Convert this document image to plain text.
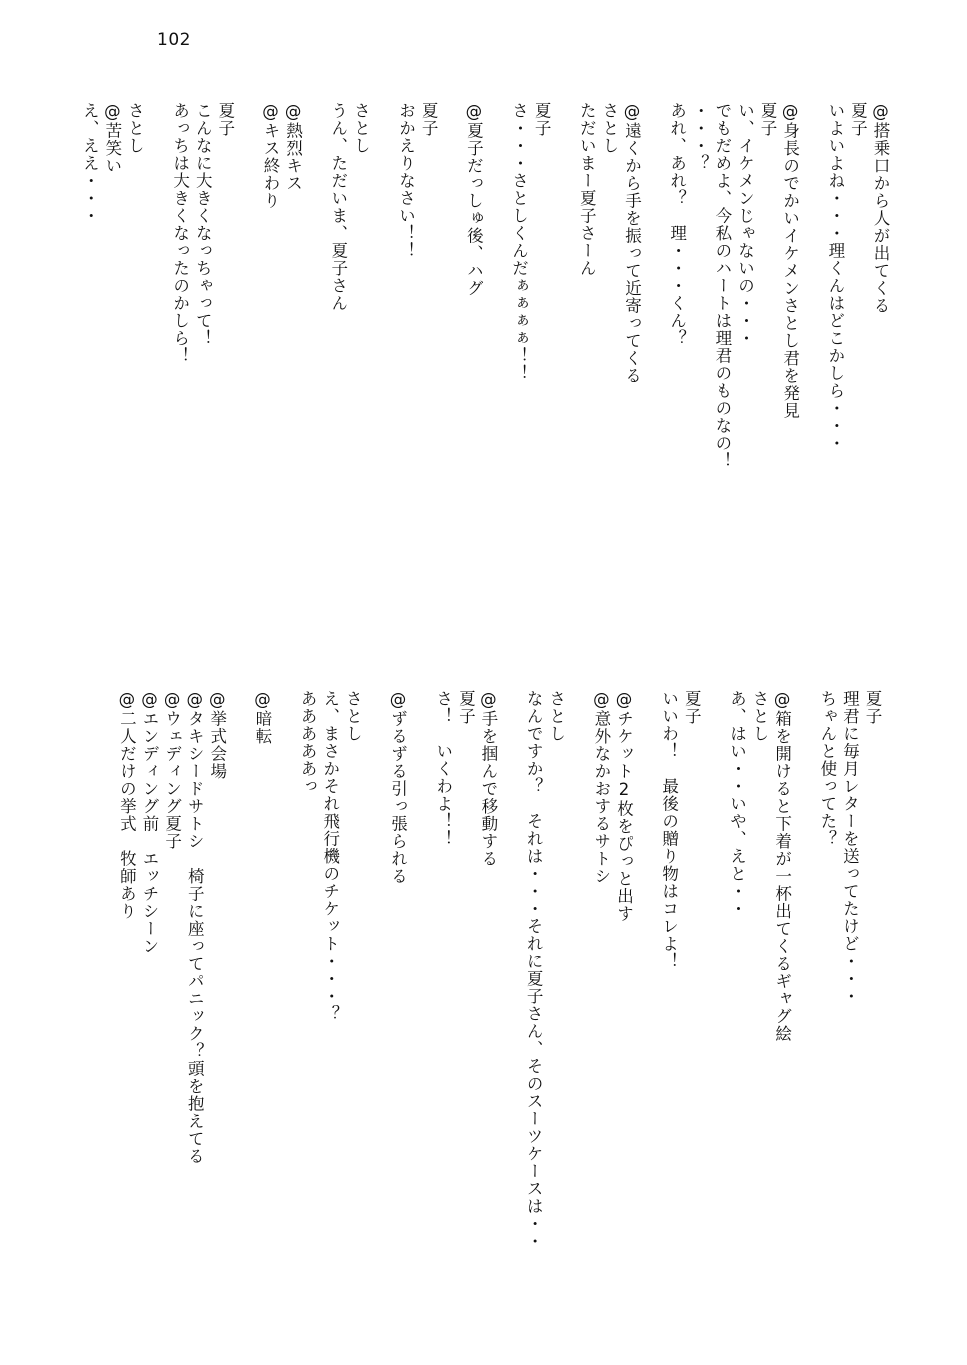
102
@搭乗口から人が出てくる
夏子
いよいよね・・・理くんはどこかしら・・・
@身長のでかいイケメンさとし君を発見
夏子
い、イケメンじゃないの・・・
でもだめよ、今私のハートは理君のものなの！
・・・？
あれ、あれ？　理・・・くん？
@遠くから手を振って近寄ってくる
さとし
ただいまー夏子さーん
夏子
さ・・・さとしくんだぁぁぁぁ！！
@夏子だっしゅ後、ハグ
夏子
おかえりなさい！！
さとし
うん、ただいま、夏子さん
@熱烈キス
@キス終わり
夏子
こんなに大きくなっちゃって！
あっちは大きくなったのかしら！
さとし
@苦笑い
え、ええ・・・
夏子
理君に毎月レターを送ってたけど・・・
ちゃんと使ってた？
@箱を開けると下着が一杯出てくるギャグ絵
さとし
あ、はい・・いや、えと・・
夏子
いいわ！　最後の贈り物はコレよ！
@チケット2枚をぴっと出す
@意外なかおするサトシ
さとし
なんですか？　それは・・・それに夏子さん、そのスーツケースは・・
@手を掴んで移動する
夏子
さ！　いくわよ！！
@ずるずる引っ張られる
さとし
え、まさかそれ飛行機のチケット・・・？
あああああっ
@暗転
@挙式会場
@タキシードサトシ　椅子に座ってパニック？頭を抱えてる
@ウェディング夏子
@エンディング前　エッチシーン
@二人だけの挙式　牧師あり
